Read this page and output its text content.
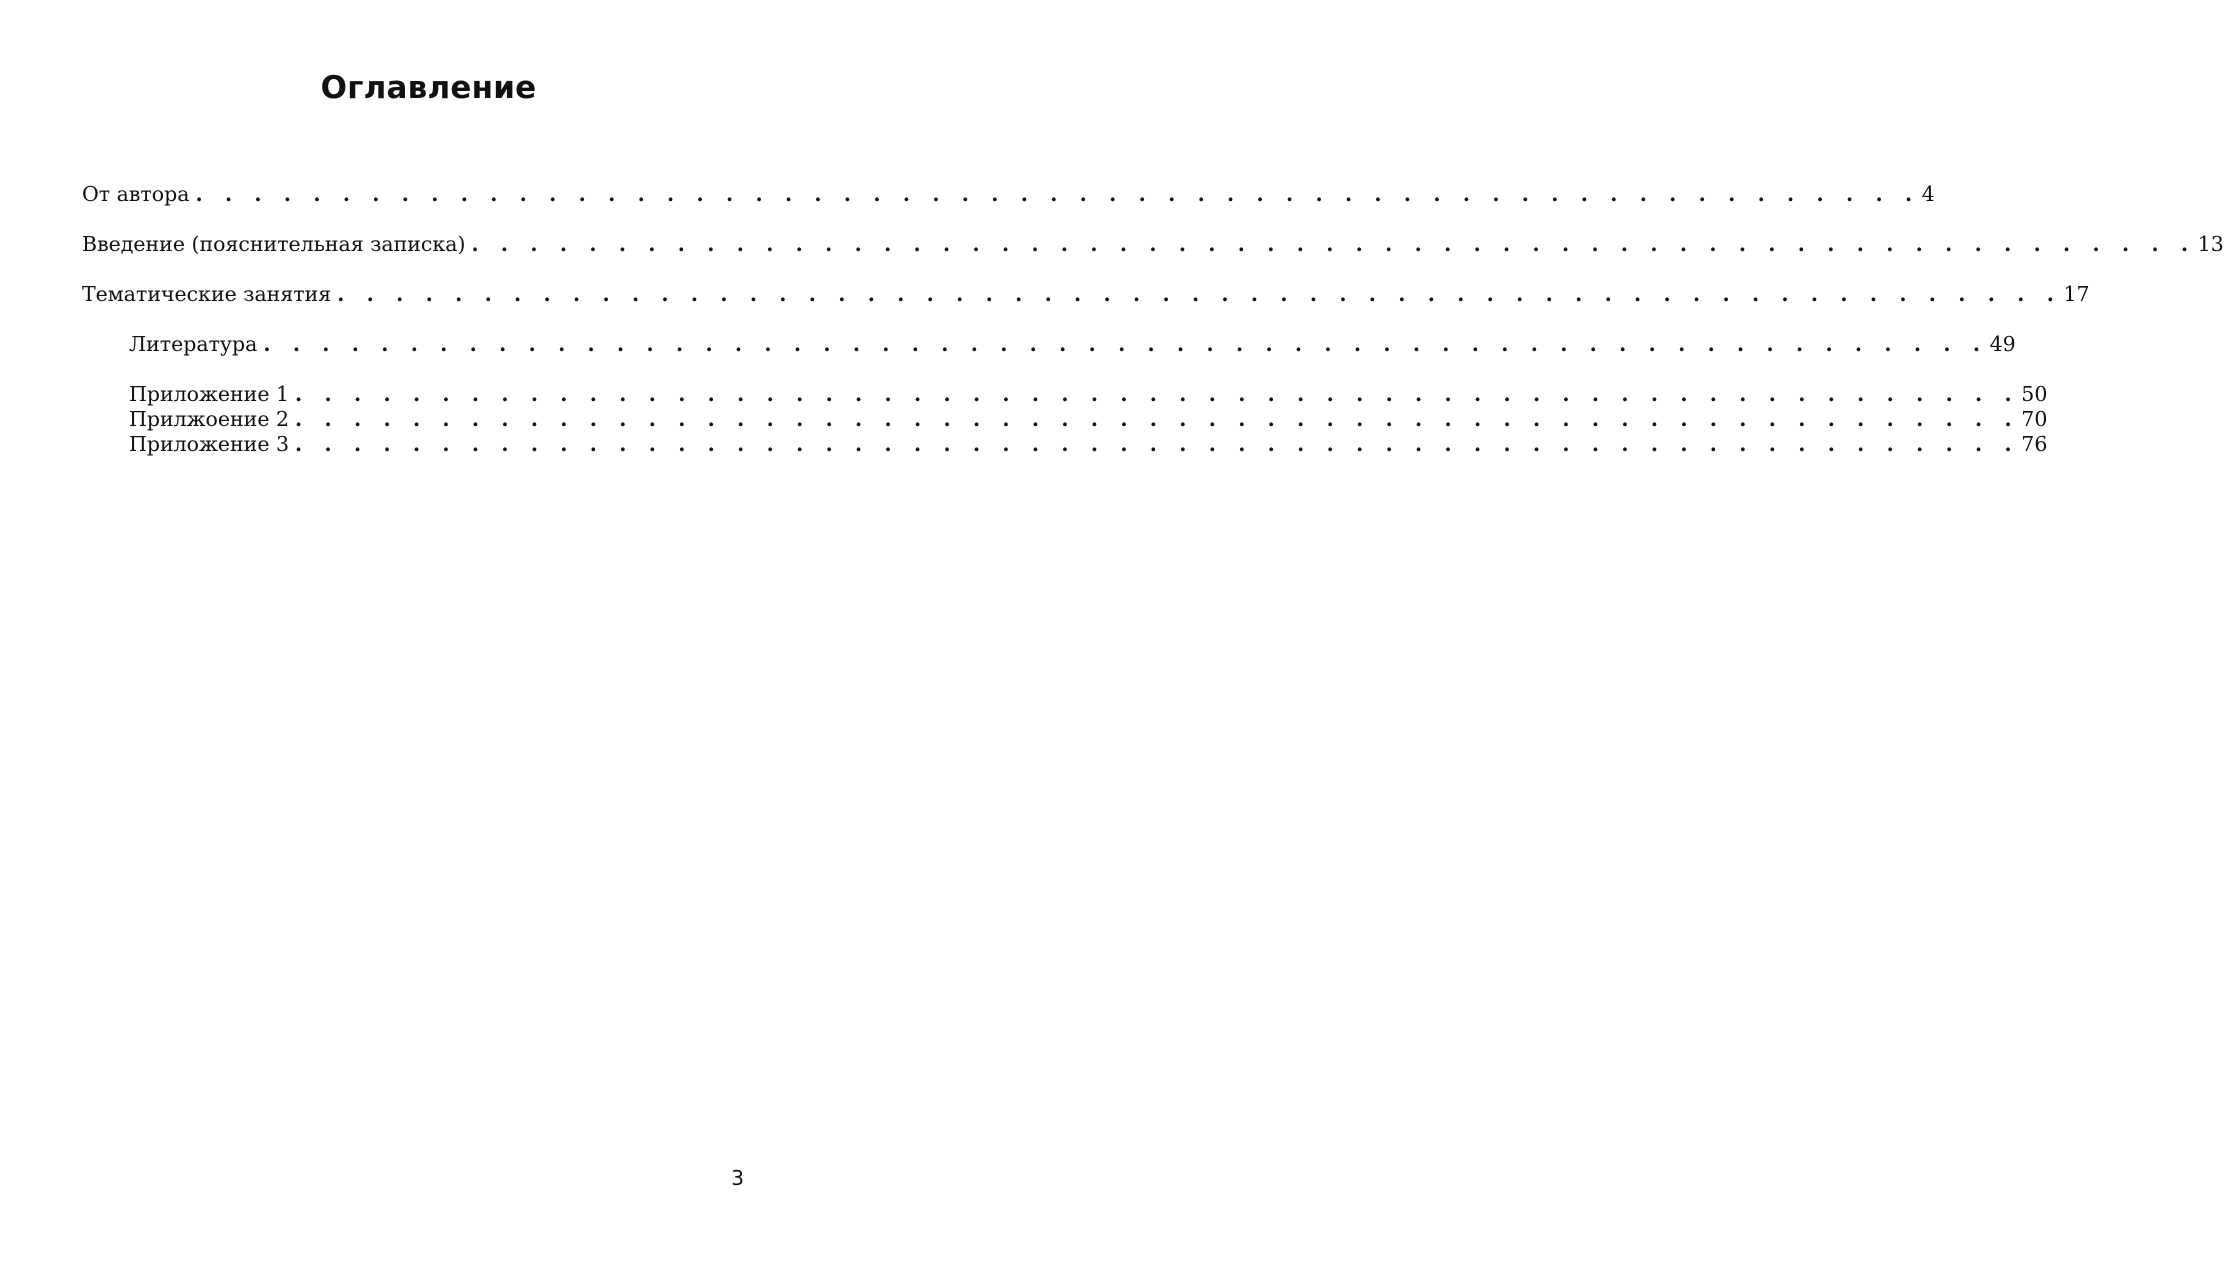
Оглавление
От автора . . . . . . . . . . . . . . . . . . . . . . . . . . . . . . . . . . . . . . . . . . . . . . . . . . . . . . . . . . . 4
Введение (пояснительная записка) . . . . . . . . . . . . . . . . . . . . . . . . . . . . . . . . . . . . . . . . . . . . . . . . . . . . . . . . . . . 13
Тематические занятия . . . . . . . . . . . . . . . . . . . . . . . . . . . . . . . . . . . . . . . . . . . . . . . . . . . . . . . . . . . 17
Литература . . . . . . . . . . . . . . . . . . . . . . . . . . . . . . . . . . . . . . . . . . . . . . . . . . . . . . . . . . . 49
Приложение 1 . . . . . . . . . . . . . . . . . . . . . . . . . . . . . . . . . . . . . . . . . . . . . . . . . . . . . . . . . . . 50
Прилжоение 2 . . . . . . . . . . . . . . . . . . . . . . . . . . . . . . . . . . . . . . . . . . . . . . . . . . . . . . . . . . . 70
Приложение 3 . . . . . . . . . . . . . . . . . . . . . . . . . . . . . . . . . . . . . . . . . . . . . . . . . . . . . . . . . . . 76
3
